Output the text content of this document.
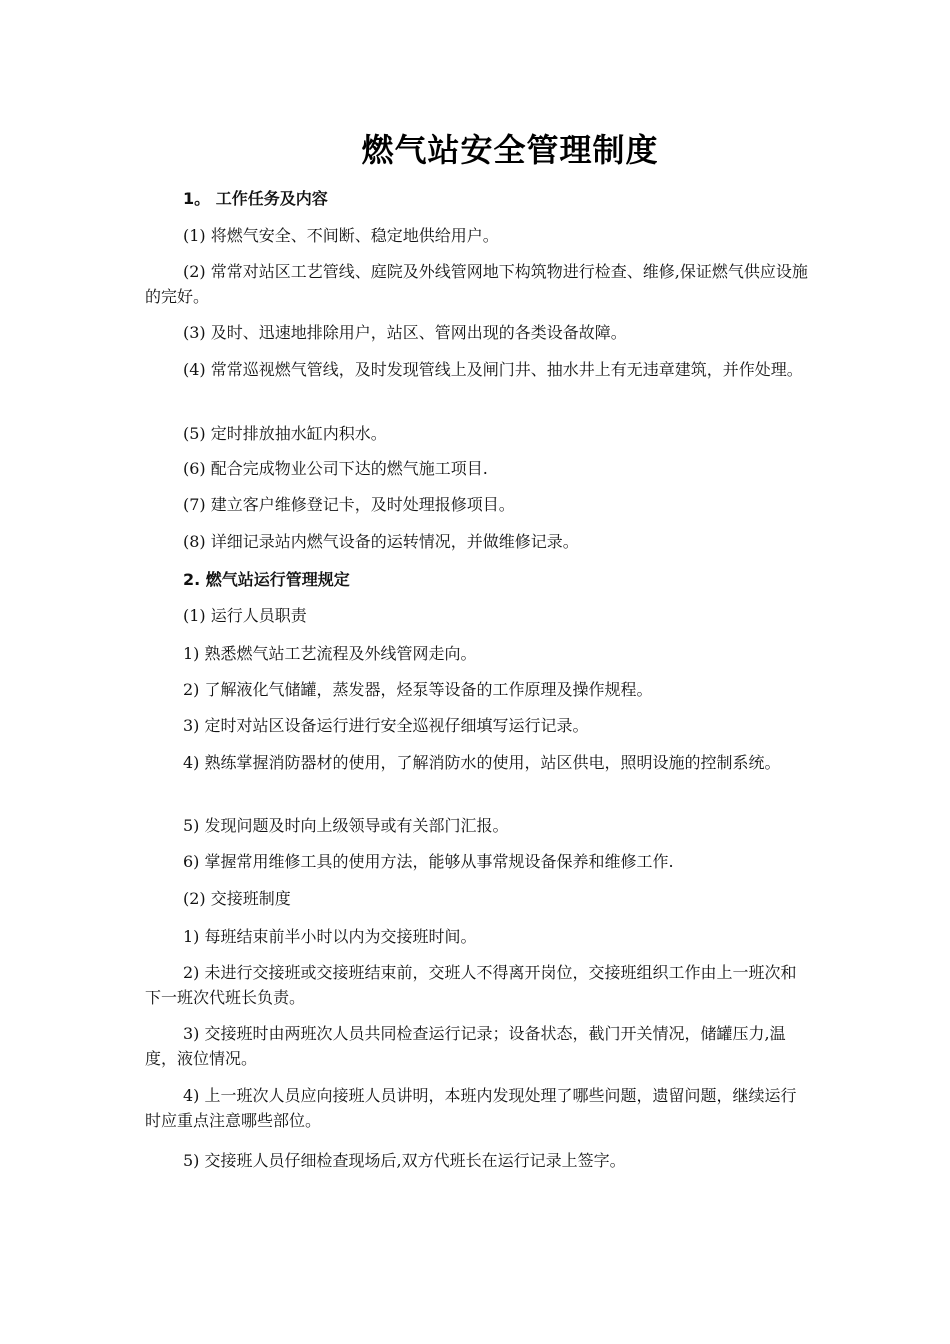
燃气站安全管理制度
1。 工作任务及内容
(1) 将燃气安全、不间断、稳定地供给用户。
(2) 常常对站区工艺管线、庭院及外线管网地下构筑物进行检查、维修,保证燃气供应设施的完好。
(3) 及时、迅速地排除用户，站区、管网出现的各类设备故障。
(4) 常常巡视燃气管线，及时发现管线上及闸门井、抽水井上有无违章建筑，并作处理。
(5) 定时排放抽水缸内积水。
(6) 配合完成物业公司下达的燃气施工项目.
(7) 建立客户维修登记卡，及时处理报修项目。
(8) 详细记录站内燃气设备的运转情况，并做维修记录。
2. 燃气站运行管理规定
(1) 运行人员职责
1) 熟悉燃气站工艺流程及外线管网走向。
2) 了解液化气储罐，蒸发器，烃泵等设备的工作原理及操作规程。
3) 定时对站区设备运行进行安全巡视仔细填写运行记录。
4) 熟练掌握消防器材的使用，了解消防水的使用，站区供电，照明设施的控制系统。
5) 发现问题及时向上级领导或有关部门汇报。
6) 掌握常用维修工具的使用方法，能够从事常规设备保养和维修工作.
(2) 交接班制度
1) 每班结束前半小时以内为交接班时间。
2) 未进行交接班或交接班结束前，交班人不得离开岗位，交接班组织工作由上一班次和下一班次代班长负责。
3) 交接班时由两班次人员共同检查运行记录；设备状态，截门开关情况，储罐压力,温度，液位情况。
4) 上一班次人员应向接班人员讲明，本班内发现处理了哪些问题，遗留问题，继续运行时应重点注意哪些部位。
5) 交接班人员仔细检查现场后,双方代班长在运行记录上签字。
